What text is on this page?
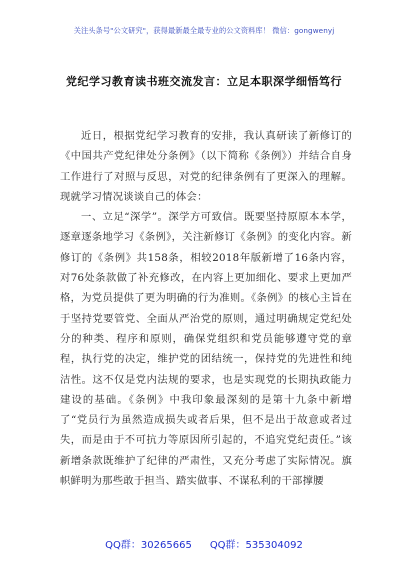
关注头条号"公文研究"，获得最新最全最专业的公文资料库！ 微信：gongwenyj
党纪学习教育读书班交流发言：立足本职深学细悟笃行

近日，根据党纪学习教育的安排，我认真研读了新修订的《中国共产党纪律处分条例》（以下简称《条例》）并结合自身工作进行了对照与反思，对党的纪律条例有了更深入的理解。现就学习情况谈谈自己的体会：

一、立足“深学”。深学方可致信。既要坚持原原本本学，逐章逐条地学习《条例》，关注新修订《条例》的变化内容。新修订的《条例》共158条，相较2018年版新增了16条内容，对76处条款做了补充修改，在内容上更加细化、要求上更加严格，为党员提供了更为明确的行为准则。《条例》的核心主旨在于坚持党要管党、全面从严治党的原则，通过明确规定党纪处分的种类、程序和原则，确保党组织和党员能够遵守党的章程，执行党的决定，维护党的团结统一，保持党的先进性和纯洁性。这不仅是党内法规的要求，也是实现党的长期执政能力建设的基础。《条例》中我印象最深刻的是第十九条中新增了“党员行为虽然造成损失或者后果，但不是出于故意或者过失，而是由于不可抗力等原因所引起的，不追究党纪责任。”该新增条款既维护了纪律的严肃性，又充分考虑了实际情况。旗帜鲜明为那些敢于担当、踏实做事、不谋私利的干部撑腰

QQ群：30265665 QQ群：535304092
